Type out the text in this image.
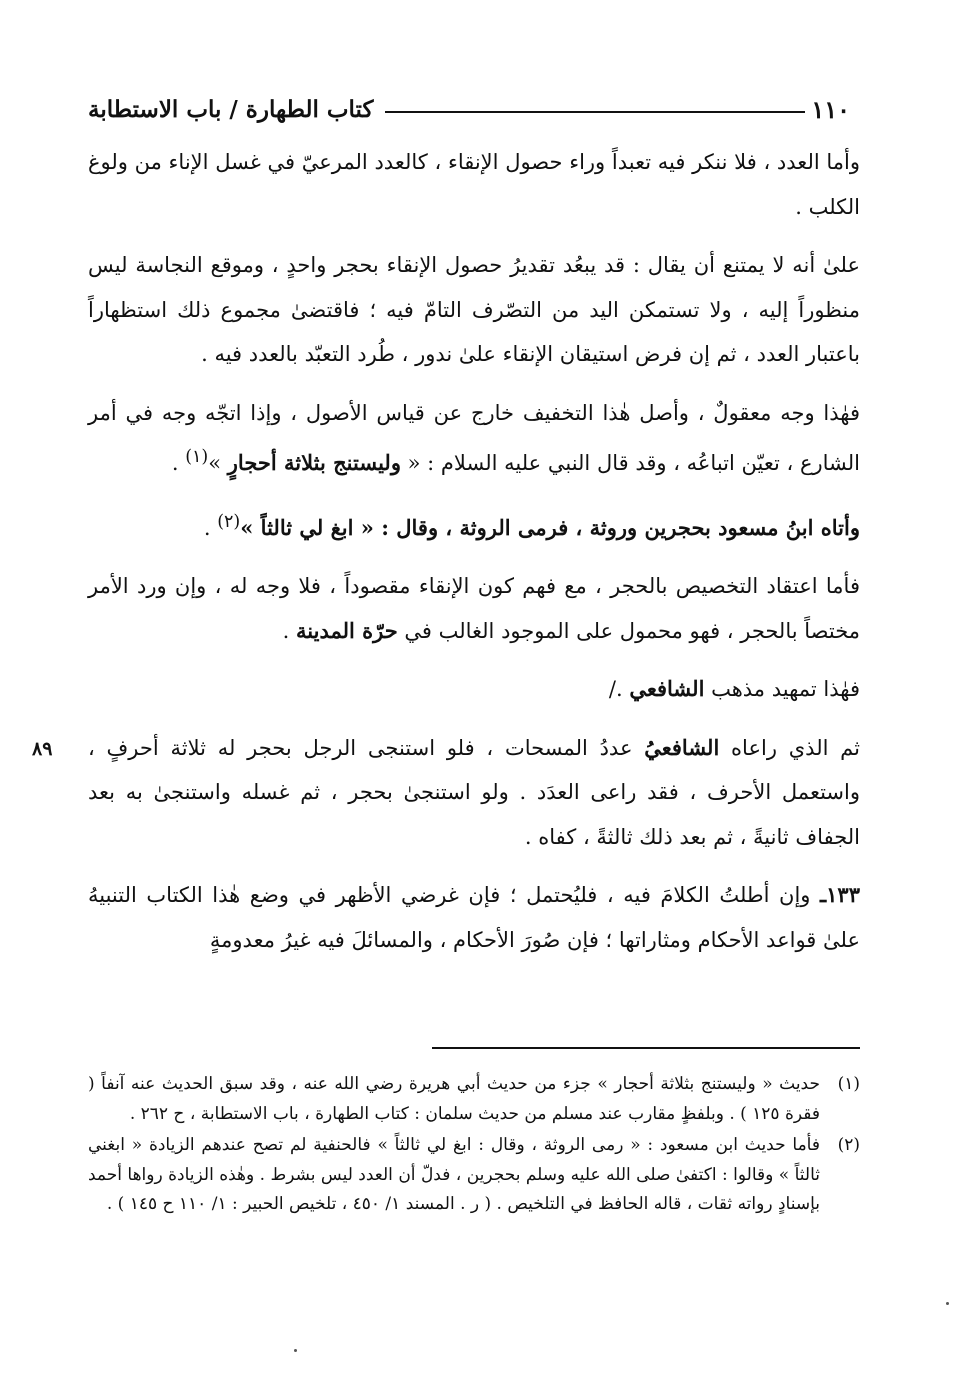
١١٠
كتاب الطهارة / باب الاستطابة

وأما العدد ، فلا ننكر فيه تعبداً وراء حصول الإنقاء ، كالعدد المرعيّ في غسل الإناء من ولوغ الكلب .

علىٰ أنه لا يمتنع أن يقال : قد يبعُد تقديرُ حصول الإنقاء بحجر واحدٍ ، وموقع النجاسة ليس منظوراً إليه ، ولا تستمكن اليد من التصّرف التامّ فيه ؛ فاقتضىٰ مجموع ذلك استظهاراً باعتبار العدد ، ثم إن فرض استيقان الإنقاء علىٰ ندور ، طُرد التعبّد بالعدد فيه .

فهٰذا وجه معقولٌ ، وأصل هٰذا التخفيف خارج عن قياس الأصول ، وإذا اتجّه وجه في أمر الشارع ، تعيّن اتباعُه ، وقد قال النبي عليه السلام : « وليستنج بثلاثة أحجارٍ »$^{(١)}$ .

وأتاه ابنُ مسعود بحجرين وروثة ، فرمى الروثة ، وقال : « ابغ لي ثالثاً »$^{(٢)}$ .

فأما اعتقاد التخصيص بالحجر ، مع فهم كون الإنقاء مقصوداً ، فلا وجه له ، وإن ورد الأمر مختصاً بالحجر ، فهو محمول على الموجود الغالب في حرّة المدينة .

فهٰذا تمهيد مذهب الشافعي ./

ثم الذي راعاه الشافعيُ عددُ المسحات ، فلو استنجى الرجل بحجر له ثلاثة أحرفٍ ، واستعمل الأحرف ، فقد راعى العدَد . ولو استنجىٰ بحجر ، ثم غسله واستنجىٰ به بعد الجفاف ثانيةً ، ثم بعد ذلك ثالثةً ، كفاه .

١٣٣ـ وإن أطلتُ الكلامَ فيه ، فليُحتمل ؛ فإن غرضي الأظهر في وضع هٰذا الكتاب التنبيهُ علىٰ قواعد الأحكام ومثاراتها ؛ فإن صُورَ الأحكام ، والمسائلَ فيه غيرُ معدومةٍ

٨٩
(١)
حديث « وليستنج بثلاثة أحجار » جزء من حديث أبي هريرة رضي الله عنه ، وقد سبق الحديث عنه آنفاً ( فقرة ١٢٥ ) . وبلفظٍ مقارب عند مسلم من حديث سلمان : كتاب الطهارة ، باب الاستطابة ، ح ٢٦٢ .
(٢)
فأما حديث ابن مسعود : « رمى الروثة ، وقال : ابغ لي ثالثاً » فالحنفية لم تصح عندهم الزيادة « ابغني ثالثاً » وقالوا : اكتفىٰ صلى الله عليه وسلم بحجرين ، فدلّ أن العدد ليس بشرط . وهٰذه الزيادة رواها أحمد بإسنادٍ رواته ثقات ، قاله الحافظ في التلخيص . ( ر . المسند ١/ ٤٥٠ ، تلخيص الحبير : ١/ ١١٠ ح ١٤٥ ) .
